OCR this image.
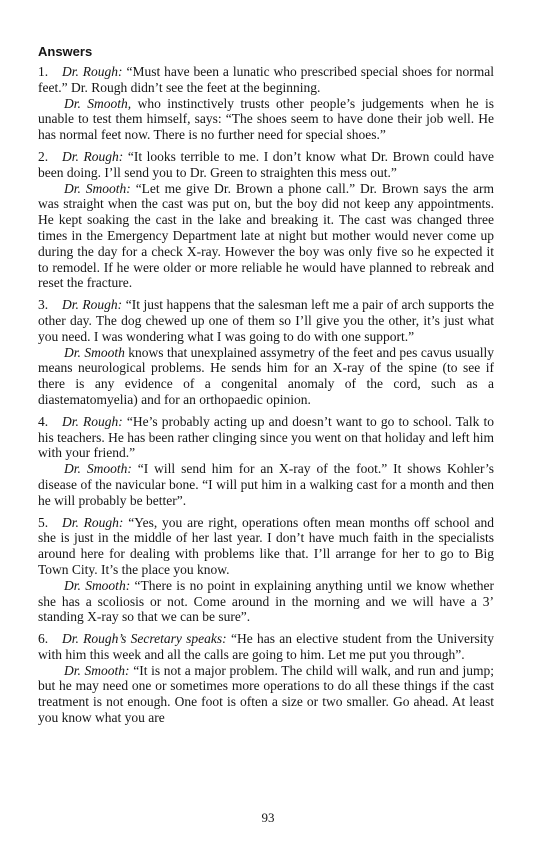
Answers

1. Dr. Rough: “Must have been a lunatic who prescribed special shoes for normal feet.” Dr. Rough didn’t see the feet at the beginning.

Dr. Smooth, who instinctively trusts other people’s judgements when he is unable to test them himself, says: “The shoes seem to have done their job well. He has normal feet now. There is no further need for special shoes.”

2. Dr. Rough: “It looks terrible to me. I don’t know what Dr. Brown could have been doing. I’ll send you to Dr. Green to straighten this mess out.”

Dr. Smooth: “Let me give Dr. Brown a phone call.” Dr. Brown says the arm was straight when the cast was put on, but the boy did not keep any appointments. He kept soaking the cast in the lake and breaking it. The cast was changed three times in the Emergency Department late at night but mother would never come up during the day for a check X-ray. However the boy was only five so he expected it to remodel. If he were older or more reliable he would have planned to rebreak and reset the fracture.

3. Dr. Rough: “It just happens that the salesman left me a pair of arch supports the other day. The dog chewed up one of them so I’ll give you the other, it’s just what you need. I was wondering what I was going to do with one support.”

Dr. Smooth knows that unexplained assymetry of the feet and pes cavus usually means neurological problems. He sends him for an X-ray of the spine (to see if there is any evidence of a congenital anomaly of the cord, such as a diastematomyelia) and for an orthopaedic opinion.

4. Dr. Rough: “He’s probably acting up and doesn’t want to go to school. Talk to his teachers. He has been rather clinging since you went on that holiday and left him with your friend.”

Dr. Smooth: “I will send him for an X-ray of the foot.” It shows Kohler’s disease of the navicular bone. “I will put him in a walking cast for a month and then he will probably be better”.

5. Dr. Rough: “Yes, you are right, operations often mean months off school and she is just in the middle of her last year. I don’t have much faith in the specialists around here for dealing with problems like that. I’ll arrange for her to go to Big Town City. It’s the place you know.

Dr. Smooth: “There is no point in explaining anything until we know whether she has a scoliosis or not. Come around in the morning and we will have a 3’ standing X-ray so that we can be sure”.

6. Dr. Rough’s Secretary speaks: “He has an elective student from the University with him this week and all the calls are going to him. Let me put you through”.

Dr. Smooth: “It is not a major problem. The child will walk, and run and jump; but he may need one or sometimes more operations to do all these things if the cast treatment is not enough. One foot is often a size or two smaller. Go ahead. At least you know what you are

93
